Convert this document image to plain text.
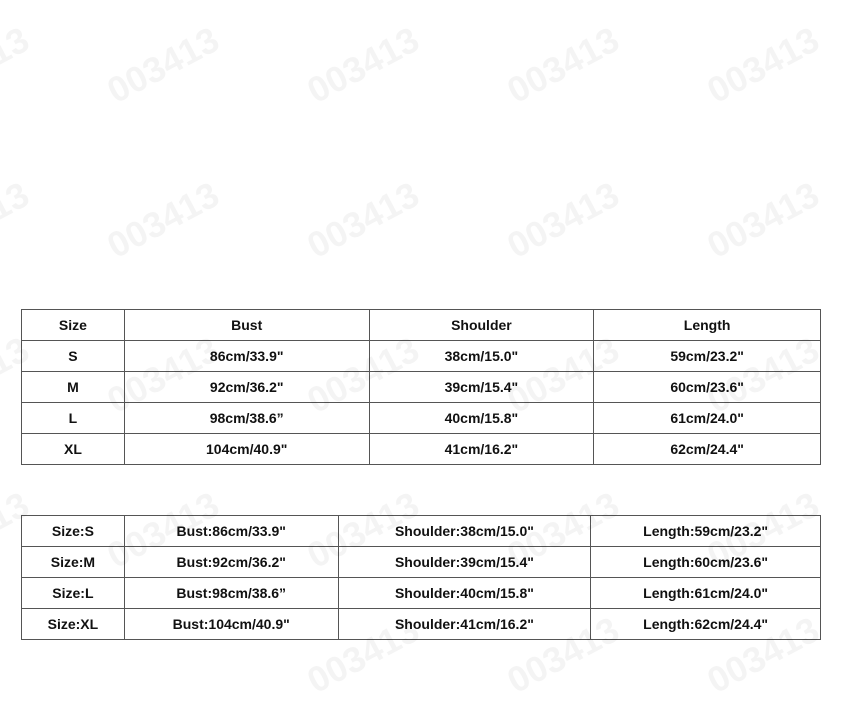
Size	Bust	Shoulder	Length
S	86cm/33.9"	38cm/15.0"	59cm/23.2"
M	92cm/36.2"	39cm/15.4"	60cm/23.6"
L	98cm/38.6”	40cm/15.8"	61cm/24.0"
XL	104cm/40.9"	41cm/16.2"	62cm/24.4"
Size:S	Bust:86cm/33.9"	Shoulder:38cm/15.0"	Length:59cm/23.2"
Size:M	Bust:92cm/36.2"	Shoulder:39cm/15.4"	Length:60cm/23.6"
Size:L	Bust:98cm/38.6”	Shoulder:40cm/15.8"	Length:61cm/24.0"
Size:XL	Bust:104cm/40.9"	Shoulder:41cm/16.2"	Length:62cm/24.4"
